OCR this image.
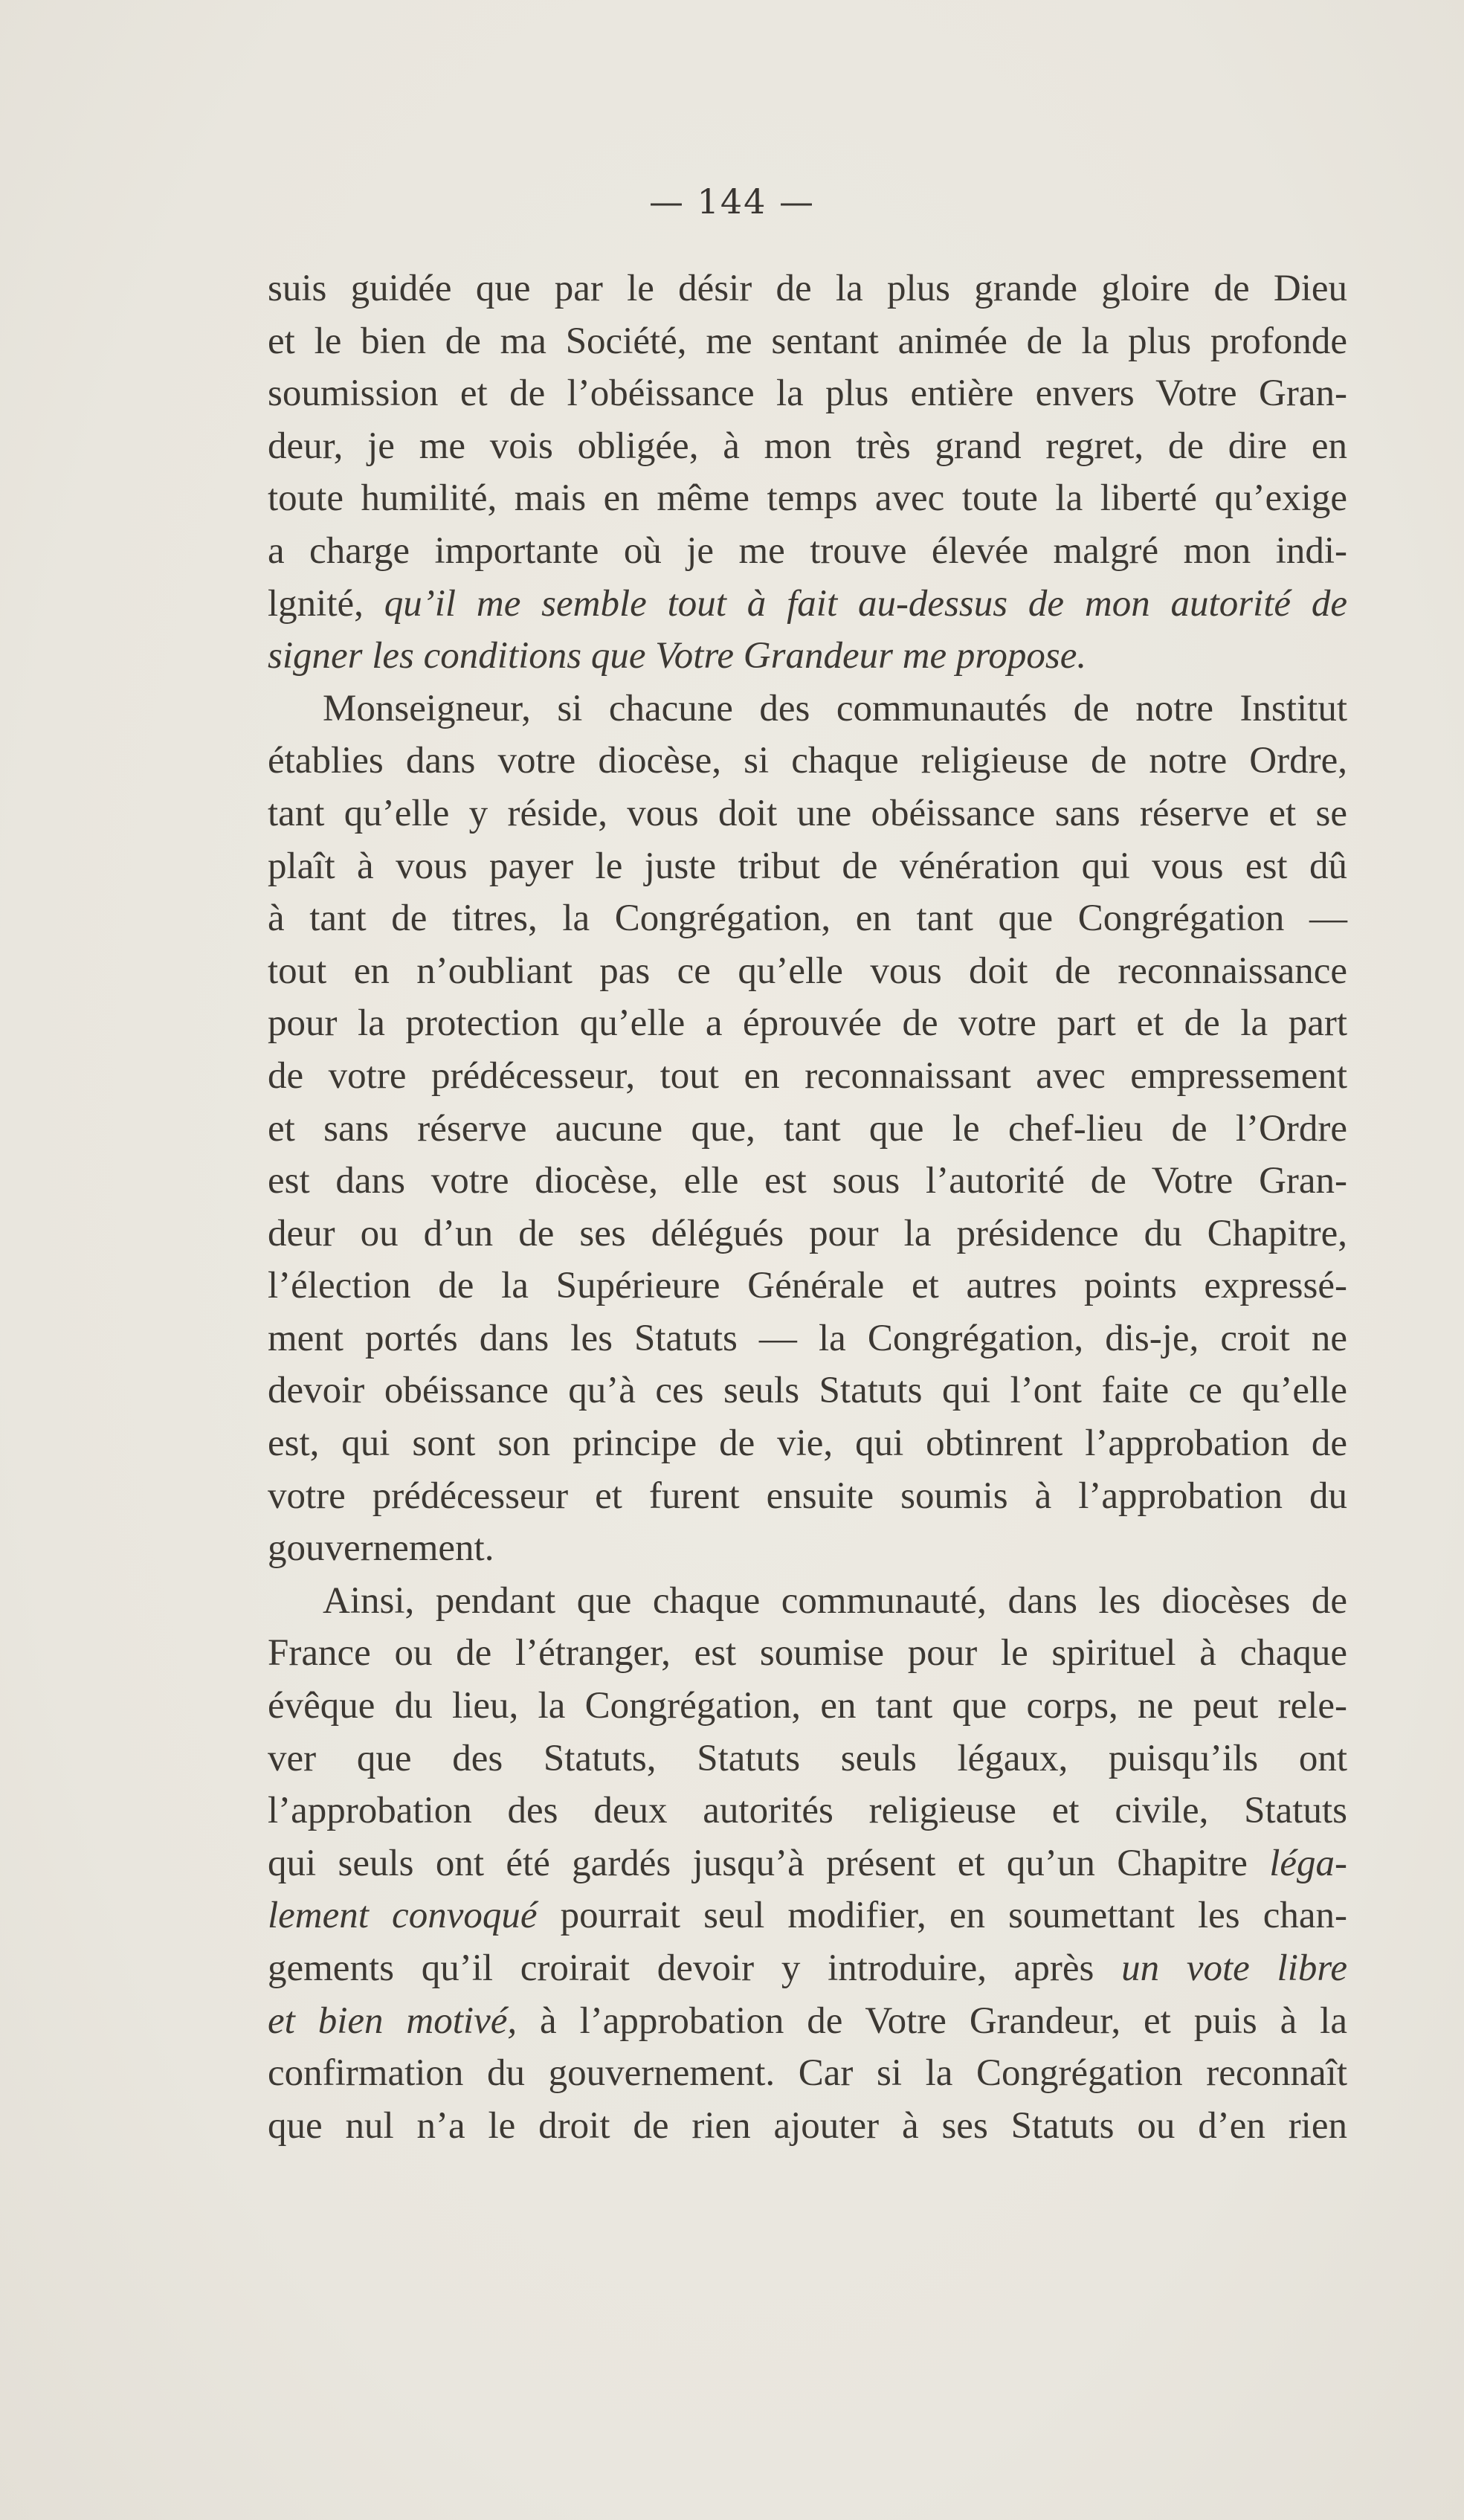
— 144 —
suis guidée que par le désir de la plus grande gloire de Dieu
et le bien de ma Société, me sentant animée de la plus profonde
soumission et de l’obéissance la plus entière envers Votre Gran-
deur, je me vois obligée, à mon très grand regret, de dire en
toute humilité, mais en même temps avec toute la liberté qu’exige
a charge importante où je me trouve élevée malgré mon indi-
lgnité, qu’il me semble tout à fait au-dessus de mon autorité de
signer les conditions que Votre Grandeur me propose.
Monseigneur, si chacune des communautés de notre Institut
établies dans votre diocèse, si chaque religieuse de notre Ordre,
tant qu’elle y réside, vous doit une obéissance sans réserve et se
plaît à vous payer le juste tribut de vénération qui vous est dû
à tant de titres, la Congrégation, en tant que Congrégation —
tout en n’oubliant pas ce qu’elle vous doit de reconnaissance
pour la protection qu’elle a éprouvée de votre part et de la part
de votre prédécesseur, tout en reconnaissant avec empressement
et sans réserve aucune que, tant que le chef-lieu de l’Ordre
est dans votre diocèse, elle est sous l’autorité de Votre Gran-
deur ou d’un de ses délégués pour la présidence du Chapitre,
l’élection de la Supérieure Générale et autres points expressé-
ment portés dans les Statuts — la Congrégation, dis-je, croit ne
devoir obéissance qu’à ces seuls Statuts qui l’ont faite ce qu’elle
est, qui sont son principe de vie, qui obtinrent l’approbation de
votre prédécesseur et furent ensuite soumis à l’approbation du
gouvernement.
Ainsi, pendant que chaque communauté, dans les diocèses de
France ou de l’étranger, est soumise pour le spirituel à chaque
évêque du lieu, la Congrégation, en tant que corps, ne peut rele-
ver que des Statuts, Statuts seuls légaux, puisqu’ils ont
l’approbation des deux autorités religieuse et civile, Statuts
qui seuls ont été gardés jusqu’à présent et qu’un Chapitre léga-
lement convoqué pourrait seul modifier, en soumettant les chan-
gements qu’il croirait devoir y introduire, après un vote libre
et bien motivé, à l’approbation de Votre Grandeur, et puis à la
confirmation du gouvernement. Car si la Congrégation reconnaît
que nul n’a le droit de rien ajouter à ses Statuts ou d’en rien
